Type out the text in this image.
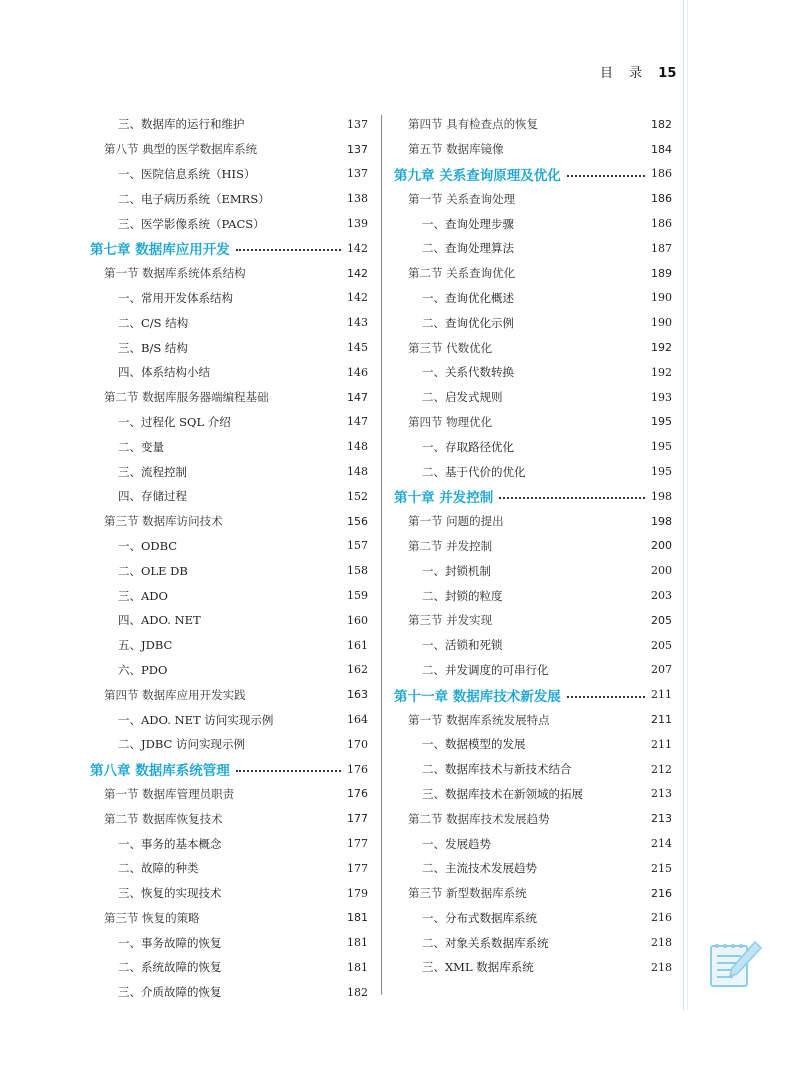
目 录 15
三、数据库的运行和维护	137
第八节 典型的医学数据库系统	137
一、医院信息系统（HIS）	137
二、电子病历系统（EMRS）	138
三、医学影像系统（PACS）	139
第七章 数据库应用开发	142
第一节 数据库系统体系结构	142
一、常用开发体系结构	142
二、C/S 结构	143
三、B/S 结构	145
四、体系结构小结	146
第二节 数据库服务器端编程基础	147
一、过程化 SQL 介绍	147
二、变量	148
三、流程控制	148
四、存储过程	152
第三节 数据库访问技术	156
一、ODBC	157
二、OLE DB	158
三、ADO	159
四、ADO. NET	160
五、JDBC	161
六、PDO	162
第四节 数据库应用开发实践	163
一、ADO. NET 访问实现示例	164
二、JDBC 访问实现示例	170
第八章 数据库系统管理	176
第一节 数据库管理员职责	176
第二节 数据库恢复技术	177
一、事务的基本概念	177
二、故障的种类	177
三、恢复的实现技术	179
第三节 恢复的策略	181
一、事务故障的恢复	181
二、系统故障的恢复	181
三、介质故障的恢复	182
第四节 具有检查点的恢复	182
第五节 数据库镜像	184
第九章 关系查询原理及优化	186
第一节 关系查询处理	186
一、查询处理步骤	186
二、查询处理算法	187
第二节 关系查询优化	189
一、查询优化概述	190
二、查询优化示例	190
第三节 代数优化	192
一、关系代数转换	192
二、启发式规则	193
第四节 物理优化	195
一、存取路径优化	195
二、基于代价的优化	195
第十章 并发控制	198
第一节 问题的提出	198
第二节 并发控制	200
一、封锁机制	200
二、封锁的粒度	203
第三节 并发实现	205
一、活锁和死锁	205
二、并发调度的可串行化	207
第十一章 数据库技术新发展	211
第一节 数据库系统发展特点	211
一、数据模型的发展	211
二、数据库技术与新技术结合	212
三、数据库技术在新领域的拓展	213
第二节 数据库技术发展趋势	213
一、发展趋势	214
二、主流技术发展趋势	215
第三节 新型数据库系统	216
一、分布式数据库系统	216
二、对象关系数据库系统	218
三、XML 数据库系统	218
